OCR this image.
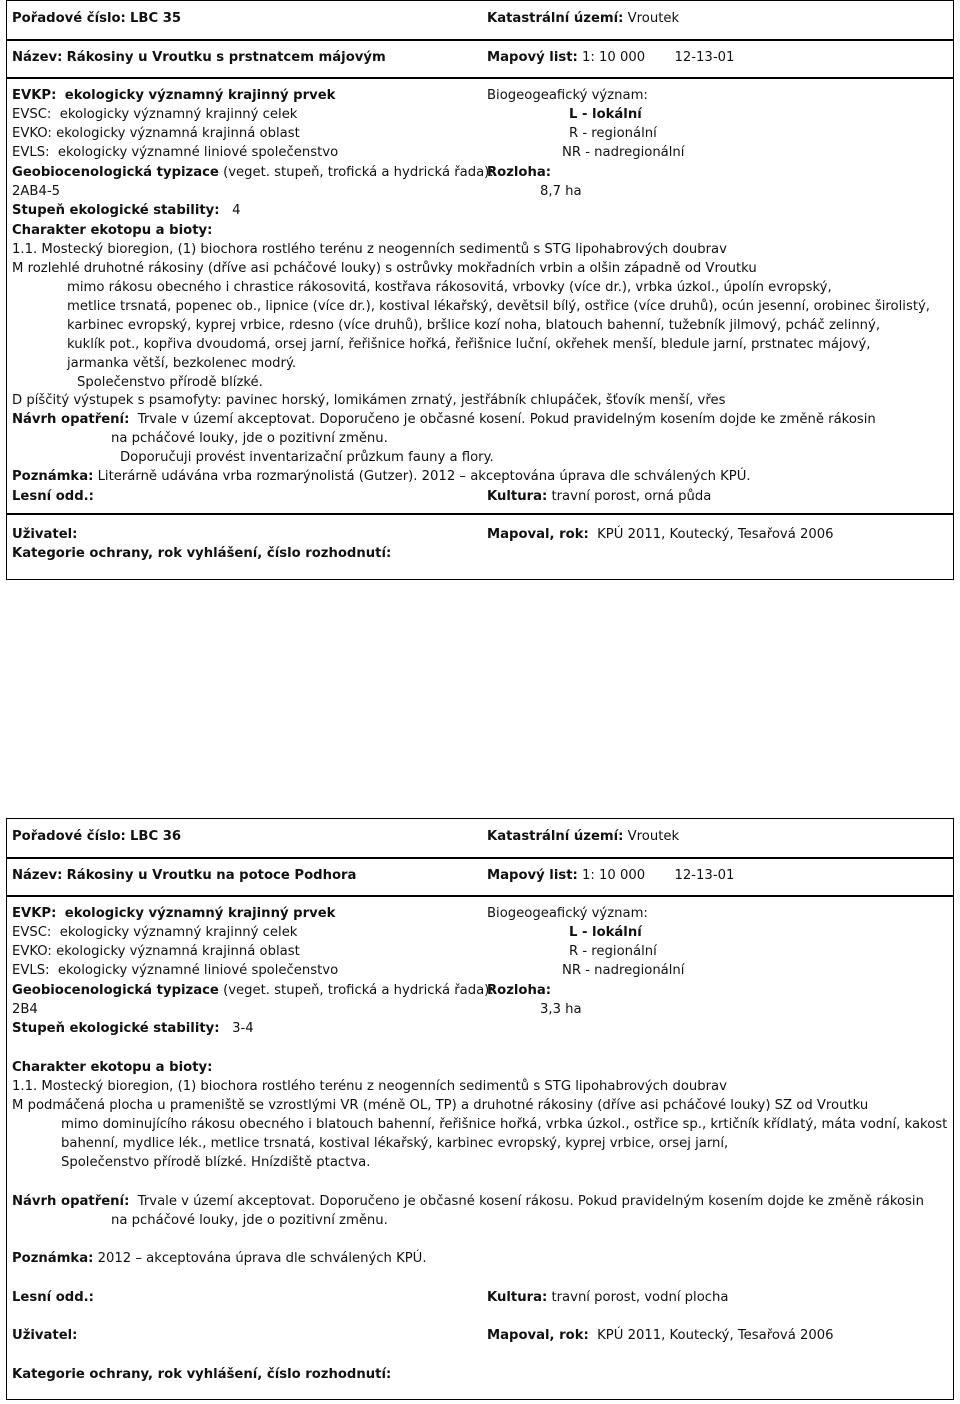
Pořadové číslo: LBC 35	Katastrální území: Vroutek
Název: Rákosiny u Vroutku s prstnatcem májovým	Mapový list: 1: 10 000 12-13-01
EVKP: ekologicky významný krajinný prvek
EVSC: ekologicky významný krajinný celek
EVKO: ekologicky významná krajinná oblast
EVLS: ekologicky významné liniové společenstvo
Biogeogeafický význam:
L - lokální
R - regionální
NR - nadregionální
Geobiocenologická typizace (veget. stupeň, trofická a hydrická řada):
2AB4-5
Rozloha:
8,7 ha
Stupeň ekologické stability: 4
Charakter ekotopu a bioty:
1.1. Mostecký bioregion, (1) biochora rostlého terénu z neogenních sedimentů s STG lipohabrových doubrav
M rozlehlé druhotné rákosiny (dříve asi pcháčové louky) s ostrůvky mokřadních vrbin a olšin západně od Vroutku
mimo rákosu obecného i chrastice rákosovitá, kostřava rákosovitá, vrbovky (více dr.), vrbka úzkol., úpolín evropský,
metlice trsnatá, popenec ob., lipnice (více dr.), kostival lékařský, devětsil bílý, ostřice (více druhů), ocún jesenní, orobinec širolistý,
karbinec evropský, kyprej vrbice, rdesno (více druhů), bršlice kozí noha, blatouch bahenní, tužebník jilmový, pcháč zelinný,
kuklík pot., kopřiva dvoudomá, orsej jarní, řeřišnice hořká, řeřišnice luční, okřehek menší, bledule jarní, prstnatec májový,
jarmanka větší, bezkolenec modrý.
Společenstvo přírodě blízké.
D píščitý výstupek s psamofyty: pavinec horský, lomikámen zrnatý, jestřábník chlupáček, šťovík menší, vřes
Návrh opatření: Trvale v území akceptovat. Doporučeno je občasné kosení. Pokud pravidelným kosením dojde ke změně rákosin
na pcháčové louky, jde o pozitivní změnu.
Doporučuji provést inventarizační průzkum fauny a flory.
Poznámka: Literárně udávána vrba rozmarýnolistá (Gutzer). 2012 – akceptována úprava dle schválených KPÚ.
Lesní odd.:	Kultura: travní porost, orná půda
Uživatel:	Mapoval, rok: KPÚ 2011, Koutecký, Tesařová 2006
Kategorie ochrany, rok vyhlášení, číslo rozhodnutí:
Pořadové číslo: LBC 36	Katastrální území: Vroutek
Název: Rákosiny u Vroutku na potoce Podhora	Mapový list: 1: 10 000 12-13-01
EVKP: ekologicky významný krajinný prvek
EVSC: ekologicky významný krajinný celek
EVKO: ekologicky významná krajinná oblast
EVLS: ekologicky významné liniové společenstvo
Biogeogeafický význam:
L - lokální
R - regionální
NR - nadregionální
Geobiocenologická typizace (veget. stupeň, trofická a hydrická řada):
2B4
Rozloha:
3,3 ha
Stupeň ekologické stability: 3-4
Charakter ekotopu a bioty:
1.1. Mostecký bioregion, (1) biochora rostlého terénu z neogenních sedimentů s STG lipohabrových doubrav
M podmáčená plocha u prameniště se vzrostlými VR (méně OL, TP) a druhotné rákosiny (dříve asi pcháčové louky) SZ od Vroutku
mimo dominujícího rákosu obecného i blatouch bahenní, řeřišnice hořká, vrbka úzkol., ostřice sp., krtičník křídlatý, máta vodní, kakost
bahenní, mydlice lék., metlice trsnatá, kostival lékařský, karbinec evropský, kyprej vrbice, orsej jarní,
Společenstvo přírodě blízké. Hnízdiště ptactva.
Návrh opatření: Trvale v území akceptovat. Doporučeno je občasné kosení rákosu. Pokud pravidelným kosením dojde ke změně rákosin
na pcháčové louky, jde o pozitivní změnu.
Poznámka: 2012 – akceptována úprava dle schválených KPÚ.
Lesní odd.:	Kultura: travní porost, vodní plocha
Uživatel:	Mapoval, rok: KPÚ 2011, Koutecký, Tesařová 2006
Kategorie ochrany, rok vyhlášení, číslo rozhodnutí:
